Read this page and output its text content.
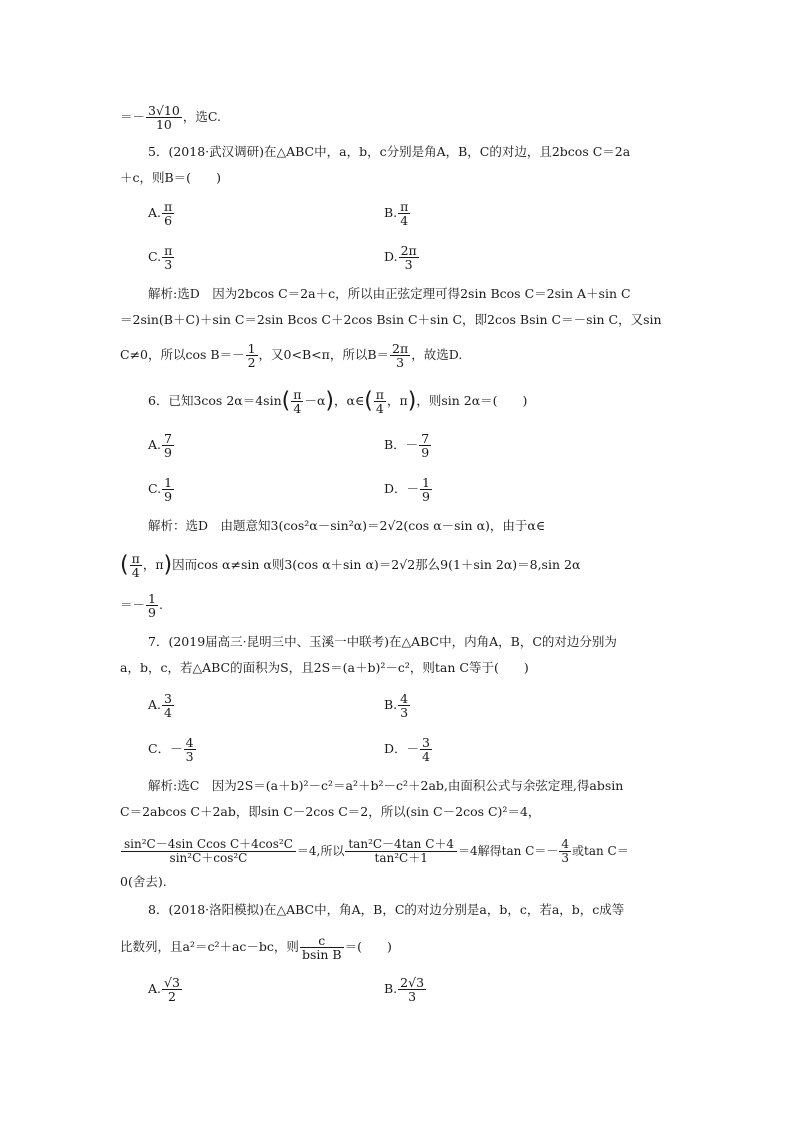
＝－ $\frac{3√10}{10}$ ，选C.
5．(2018·武汉调研)在△ABC中，a，b，c分别是角A，B，C的对边，且2bcos C＝2a
＋c，则B＝(　　)
A. $\frac{\pi}{6}$	B. $\frac{\pi}{4}$
C. $\frac{\pi}{3}$	D. $\frac{2\pi}{3}$
解析:选D　因为2bcos C＝2a＋c，所以由正弦定理可得2sin Bcos C＝2sin A＋sin C
＝2sin(B＋C)＋sin C＝2sin Bcos C＋2cos Bsin C＋sin C，即2cos Bsin C＝－sin C，又sin
C≠0，所以$\cos B=- \frac{1}{2}$ ，又0<B<π，所以$B= \frac{2\pi}{3}$ ，故选D.
6．已知3cos $2\alpha=4\sin( \frac{\pi}{4} -\alpha)$，α∈( $\frac{\pi}{4}$ ，π)，则sin 2α＝(　　)
A. $\frac{7}{9}$	B．－ $\frac{7}{9}$
C. $\frac{1}{9}$	D．－ $\frac{1}{9}$
解析：选D　由题意知3(cos²α－sin²α)＝2√2(cos α－sin α)，由于α∈
( $\frac{\pi}{4}$ ，π)因而cos α≠sin α则3(cos α＋sin α)＝2√2那么9(1＋sin 2α)＝8,sin 2α
＝－ $\frac{1}{9}$ .
7．(2019届高三·昆明三中、玉溪一中联考)在△ABC中，内角A，B，C的对边分别为
a，b，c，若△ABC的面积为S，且2S＝(a＋b)²－c²，则tan C等于(　　)
A. $\frac{3}{4}$	B. $\frac{4}{3}$
C．－ $\frac{4}{3}$	D．－ $\frac{3}{4}$
解析:选C　因为2S＝(a＋b)²－c²＝a²＋b²－c²＋2ab,由面积公式与余弦定理,得absin
C＝2abcos C＋2ab，即sin C－2cos C＝2，所以(sin C－2cos C)²＝4，
$\frac{\text{sin²C－4sin Ccos C＋4cos²C}}{\text{sin²C＋cos²C}} =4$,所以 $\frac{\text{tan²C－4tan C＋4}}{\text{tan²C＋1}} =4$解得$\tan C=- \frac{4}{3}$ 或tan C＝
0(舍去).
8．(2018·洛阳模拟)在△ABC中，角A，B，C的对边分别是a，b，c，若a，b，c成等
比数列，且a²＝c²＋ac－bc，则 $\frac{c}{\text{bsin B}}$ ＝(　　)
A. $\frac{√3}{2}$	B. $\frac{2√3}{3}$
